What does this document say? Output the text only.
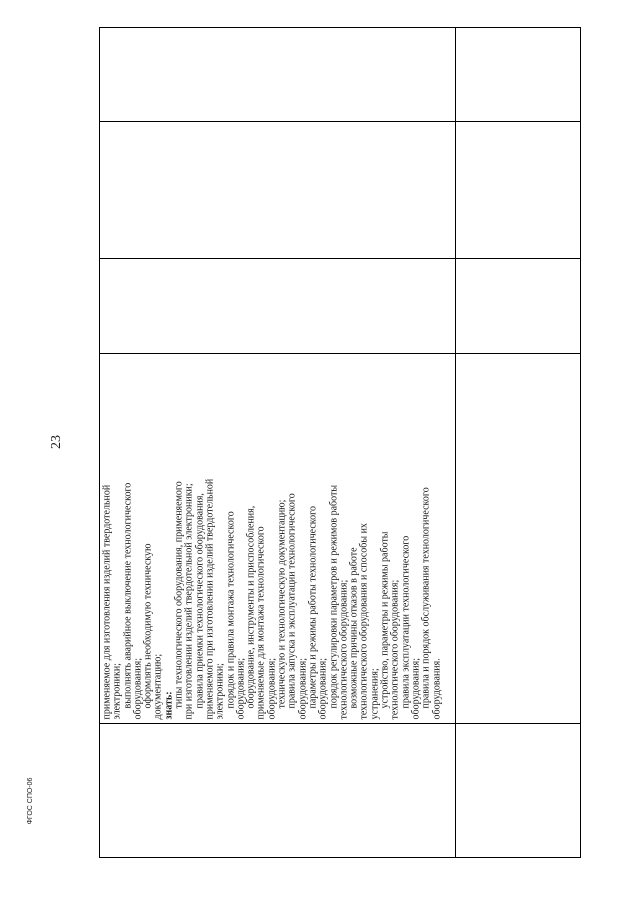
применяемое для изготовления изделий твердотельной электроники; выполнять аварийное выключение технологического оборудования; оформлять необходимую техническую документацию; знать: типы технологического оборудования, применяемого при изготовлении изделий твердотельной электроники; правила приемки технологического оборудования, применяемого при изготовлении изделий твердотельной электроники; порядок и правила монтажа технологического оборудования; оборудование, инструменты и приспособления, применяемые для монтажа технологического оборудования; техническую и технологическую документацию; правила запуска и эксплуатации технологического оборудования; параметры и режимы работы технологического оборудования; порядок регулировки параметров и режимов работы технологического оборудования; возможные причины отказов в работе технологического оборудования и способы их устранения; устройство, параметры и режимы работы технологического оборудования; правила эксплуатации технологического оборудования; правила и порядок обслуживания технологического оборудования.
23
ФГОС СПО-06
